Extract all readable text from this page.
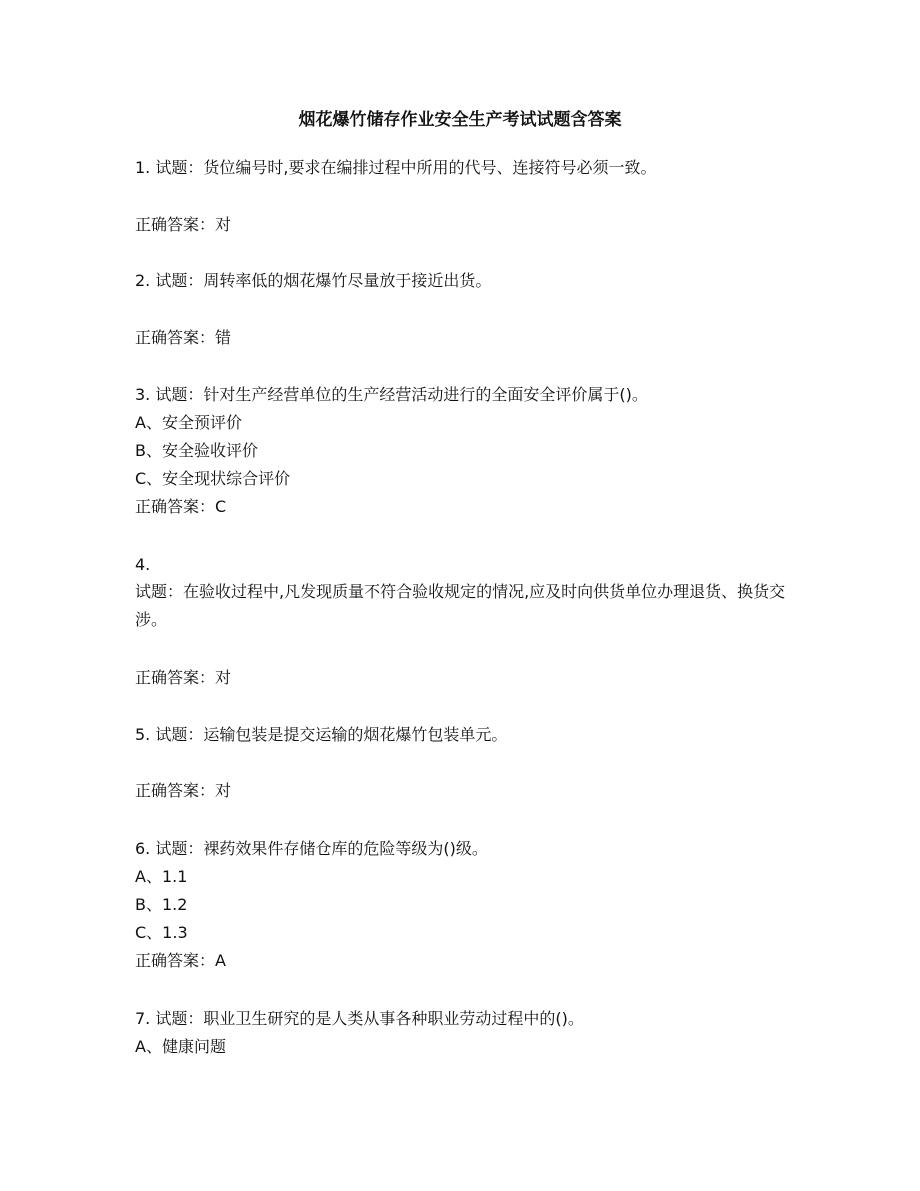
烟花爆竹储存作业安全生产考试试题含答案
1. 试题：货位编号时,要求在编排过程中所用的代号、连接符号必须一致。
正确答案：对
2. 试题：周转率低的烟花爆竹尽量放于接近出货。
正确答案：错
3. 试题：针对生产经营单位的生产经营活动进行的全面安全评价属于()。
A、安全预评价
B、安全验收评价
C、安全现状综合评价
正确答案：C
4.
试题：在验收过程中,凡发现质量不符合验收规定的情况,应及时向供货单位办理退货、换货交涉。
正确答案：对
5. 试题：运输包装是提交运输的烟花爆竹包装单元。
正确答案：对
6. 试题：裸药效果件存储仓库的危险等级为()级。
A、1.1
B、1.2
C、1.3
正确答案：A
7. 试题：职业卫生研究的是人类从事各种职业劳动过程中的()。
A、健康问题
